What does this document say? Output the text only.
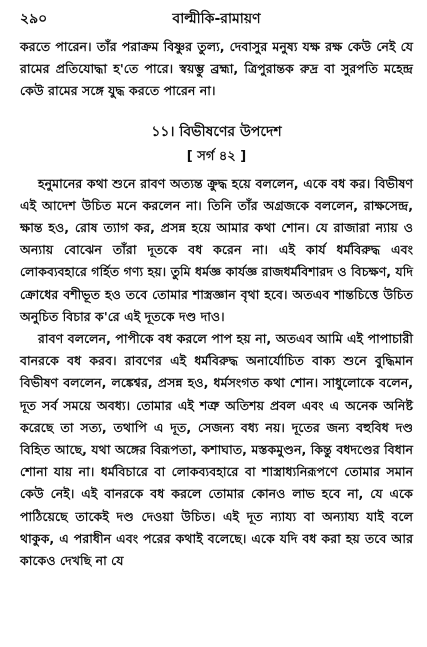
২৯০	বাল্মীকি-রামায়ণ

করতে পারেন। তাঁর পরাক্রম বিষ্ণুর তুল্য, দেবাসুর মনুষ্য যক্ষ রক্ষ কেউ নেই যে রামের প্রতিযোদ্ধা হ'তে পারে। স্বয়ম্ভু ব্রহ্মা, ত্রিপুরান্তক রুদ্র বা সুরপতি মহেন্দ্র কেউ রামের সঙ্গে যুদ্ধ করতে পারেন না।

১১। বিভীষণের উপদেশ
[ সর্গ ৪২ ]

হনুমানের কথা শুনে রাবণ অত্যন্ত ক্রুদ্ধ হয়ে বললেন, একে বধ কর। বিভীষণ এই আদেশ উচিত মনে করলেন না। তিনি তাঁর অগ্রজকে বললেন, রাক্ষসেন্দ্র, ক্ষান্ত হও, রোষ ত্যাগ কর, প্রসন্ন হয়ে আমার কথা শোন। যে রাজারা ন্যায় ও অন্যায় বোঝেন তাঁরা দূতকে বধ করেন না। এই কার্য ধর্মবিরুদ্ধ এবং লোকব্যবহারে গর্হিত গণ্য হয়। তুমি ধর্মজ্ঞ কার্যজ্ঞ রাজধর্মবিশারদ ও বিচক্ষণ, যদি ক্রোধের বশীভূত হও তবে তোমার শাস্ত্রজ্ঞান বৃথা হবে। অতএব শান্তচিত্তে উচিত অনুচিত বিচার ক'রে এই দূতকে দণ্ড দাও।

রাবণ বললেন, পাপীকে বধ করলে পাপ হয় না, অতএব আমি এই পাপাচারী বানরকে বধ করব। রাবণের এই ধর্মবিরুদ্ধ অনার্যোচিত বাক্য শুনে বুদ্ধিমান বিভীষণ বললেন, লঙ্কেশ্বর, প্রসন্ন হও, ধর্মসংগত কথা শোন। সাধুলোকে বলেন, দূত সর্ব সময়ে অবধ্য। তোমার এই শত্রু অতিশয় প্রবল এবং এ অনেক অনিষ্ট করেছে তা সত্য, তথাপি এ দূত, সেজন্য বধ্য নয়। দূতের জন্য বহুবিধ দণ্ড বিহিত আছে, যথা অঙ্গের বিরূপতা, কশাঘাত, মস্তকমুণ্ডন, কিন্তু বধদণ্ডের বিধান শোনা যায় না। ধর্মবিচারে বা লোকব্যবহারে বা শাস্ত্রাধ্যনিরূপণে তোমার সমান কেউ নেই। এই বানরকে বধ করলে তোমার কোনও লাভ হবে না, যে একে পাঠিয়েছে তাকেই দণ্ড দেওয়া উচিত। এই দূত ন্যায্য বা অন্যায্য যাই বলে থাকুক, এ পরাধীন এবং পরের কথাই বলেছে। একে যদি বধ করা হয় তবে আর কাকেও দেখছি না যে
